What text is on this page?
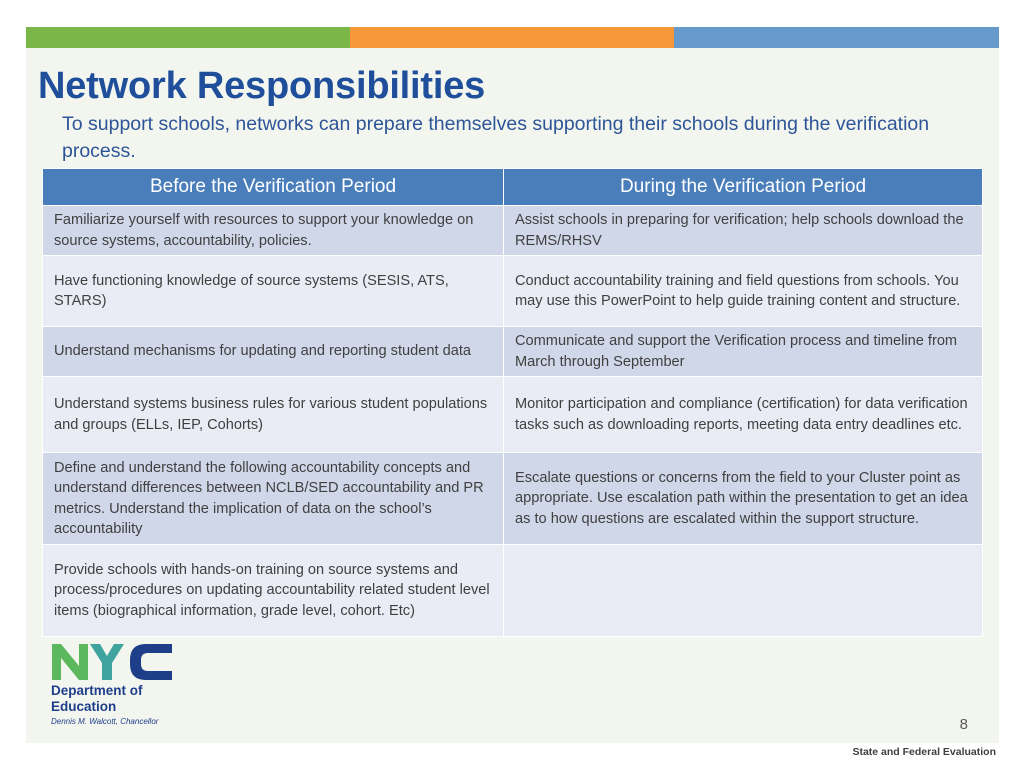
Network Responsibilities

To support schools, networks can prepare themselves supporting their schools during the verification process.

Before the Verification Period	During the Verification Period
Familiarize yourself with resources to support your knowledge on source systems, accountability, policies.	Assist schools in preparing for verification; help schools download the REMS/RHSV
Have functioning knowledge of source systems (SESIS, ATS, STARS)	Conduct accountability training and field questions from schools. You may use this PowerPoint to help guide training content and structure.
Understand mechanisms for updating and reporting student data	Communicate and support the Verification process and timeline from March through September
Understand systems business rules for various student populations and groups (ELLs, IEP, Cohorts)	Monitor participation and compliance (certification) for data verification tasks such as downloading reports, meeting data entry deadlines etc.
Define and understand the following accountability concepts and understand differences between NCLB/SED accountability and PR metrics. Understand the implication of data on the school’s accountability	Escalate questions or concerns from the field to your Cluster point as appropriate. Use escalation path within the presentation to get an idea as to how questions are escalated within the support structure.
Provide schools with hands-on training on source systems and process/procedures on updating accountability related student level items (biographical information, grade level, cohort. Etc)	
Department of
Education
Dennis M. Walcott, Chancellor	8
State and Federal Evaluation
